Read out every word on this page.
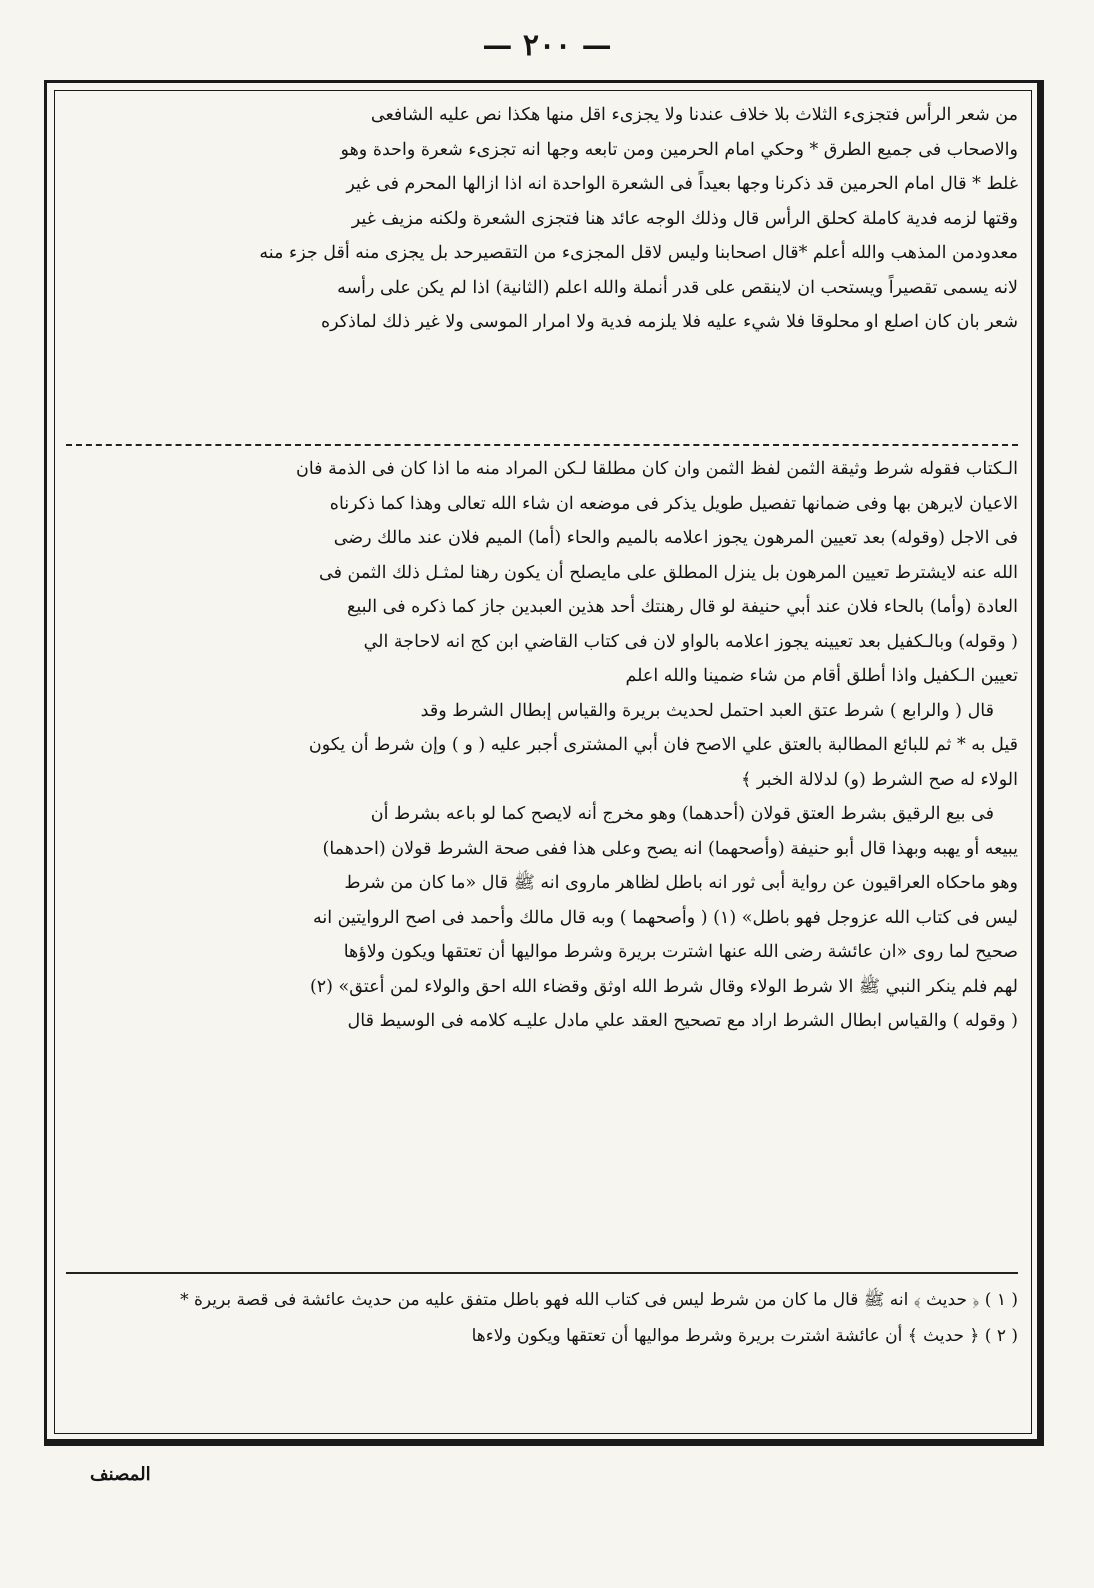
— ٢٠٠ —

من شعر الرأس فتجزىء الثلاث بلا خلاف عندنا ولا يجزىء اقل منها هكذا نص عليه الشافعى

والاصحاب فى جميع الطرق * وحكي امام الحرمين ومن تابعه وجها انه تجزىء شعرة واحدة وهو

غلط * قال امام الحرمين قد ذكرنا وجها بعيداً فى الشعرة الواحدة انه اذا ازالها المحرم فى غير

وقتها لزمه فدية كاملة كحلق الرأس قال وذلك الوجه عائد هنا فتجزى الشعرة ولكنه مزيف غير

معدودمن المذهب والله أعلم *قال اصحابنا وليس لاقل المجزىء من التقصيرحد بل يجزى منه أقل جزء منه

لانه يسمى تقصيراً ويستحب ان لاينقص على قدر أنملة والله اعلم (الثانية) اذا لم يكن على رأسه

شعر بان كان اصلع او محلوقا فلا شيء عليه فلا يلزمه فدية ولا امرار الموسى ولا غير ذلك لماذكره

الـكتاب فقوله شرط وثيقة الثمن لفظ الثمن وان كان مطلقا لـكن المراد منه ما اذا كان فى الذمة فان

الاعيان لايرهن بها وفى ضمانها تفصيل طويل يذكر فى موضعه ان شاء الله تعالى وهذا كما ذكرناه

فى الاجل (وقوله) بعد تعيين المرهون يجوز اعلامه بالميم والحاء (أما) الميم فلان عند مالك رضى

الله عنه لايشترط تعيين المرهون بل ينزل المطلق على مايصلح أن يكون رهنا لمثـل ذلك الثمن فى

العادة (وأما) بالحاء فلان عند أبي حنيفة لو قال رهنتك أحد هذين العبدين جاز كما ذكره فى البيع

( وقوله) وبالـكفيل بعد تعيينه يجوز اعلامه بالواو لان فى كتاب القاضي ابن كج انه لاحاجة الي

تعيين الـكفيل واذا أطلق أقام من شاء ضمينا والله اعلم

قال ( والرابع ) شرط عتق العبد احتمل لحديث بريرة والقياس إبطال الشرط وقد

قيل به * ثم للبائع المطالبة بالعتق علي الاصح فان أبي المشترى أجبر عليه ( و ) وإن شرط أن يكون

الولاء له صح الشرط (و) لدلالة الخبر ﴾

فى بيع الرقيق بشرط العتق قولان (أحدهما) وهو مخرج أنه لايصح كما لو باعه بشرط أن

يبيعه أو يهبه وبهذا قال أبو حنيفة (وأصحهما) انه يصح وعلى هذا ففى صحة الشرط قولان (احدهما)

وهو ماحكاه العراقيون عن رواية أبى ثور انه باطل لظاهر ماروى انه ﷺ قال «ما كان من شرط

ليس فى كتاب الله عزوجل فهو باطل» (١) ( وأصحهما ) وبه قال مالك وأحمد فى اصح الروايتين انه

صحيح لما روى «ان عائشة رضى الله عنها اشترت بريرة وشرط مواليها أن تعتقها ويكون ولاؤها

لهم فلم ينكر النبي ﷺ الا شرط الولاء وقال شرط الله اوثق وقضاء الله احق والولاء لمن أعتق» (٢)

( وقوله ) والقياس ابطال الشرط اراد مع تصحيح العقد علي مادل عليـه كلامه فى الوسيط قال

( ١ ) ﴿ حديث ﴾ انه ﷺ قال ما كان من شرط ليس فى كتاب الله فهو باطل متفق عليه من حديث عائشة فى قصة بريرة *

( ٢ ) ﴿ حديث ﴾ أن عائشة اشترت بريرة وشرط مواليها أن تعتقها ويكون ولاءها

المصنف
